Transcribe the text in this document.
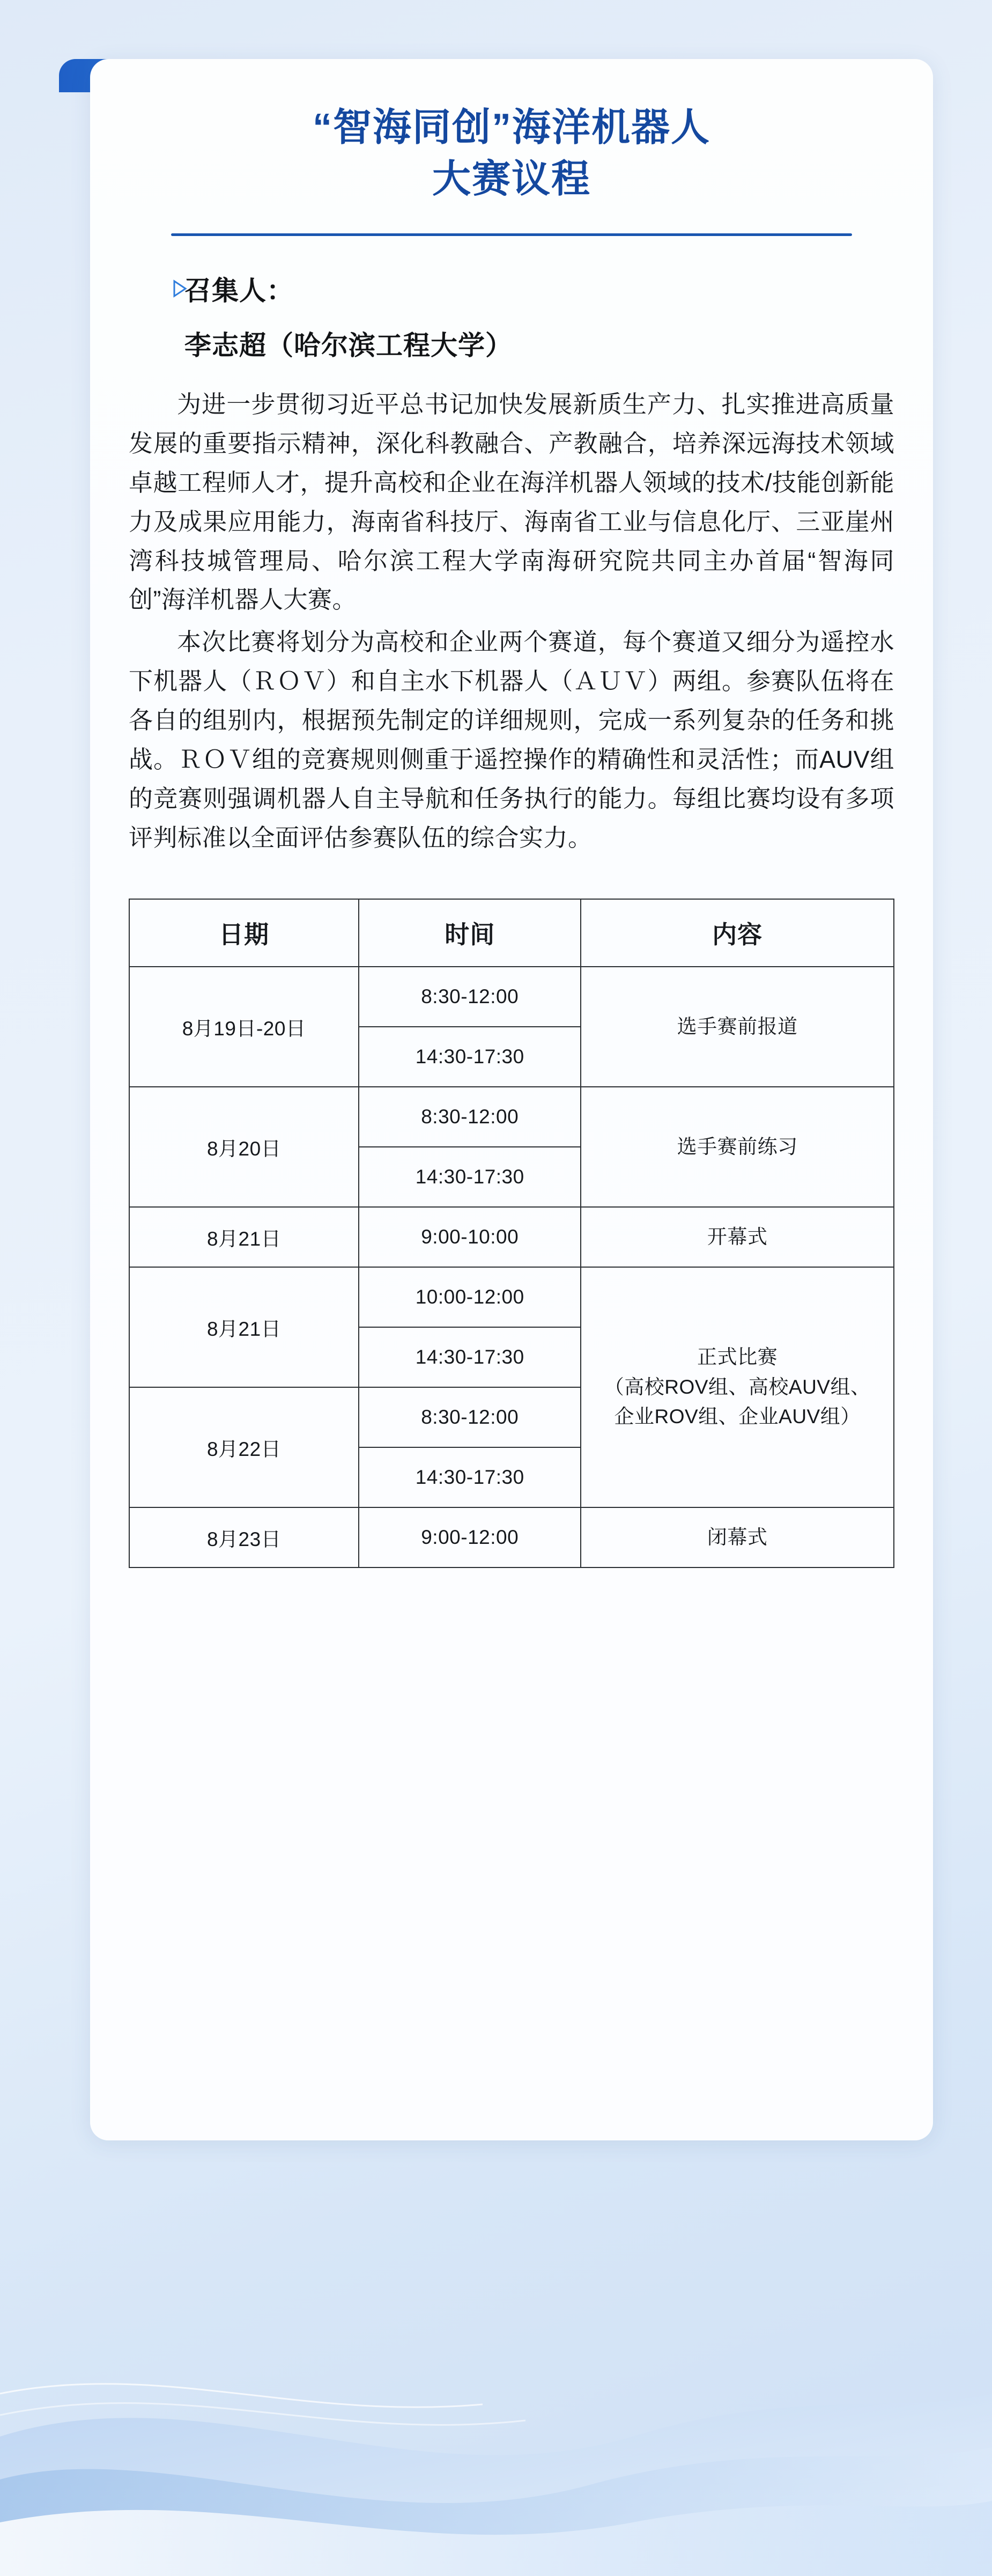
“智海同创”海洋机器人
大赛议程
召集人：
李志超（哈尔滨工程大学）

为进一步贯彻习近平总书记加快发展新质生产力、扎实推进高质量发展的重要指示精神，深化科教融合、产教融合，培养深远海技术领域卓越工程师人才，提升高校和企业在海洋机器人领域的技术/技能创新能力及成果应用能力，海南省科技厅、海南省工业与信息化厅、三亚崖州湾科技城管理局、哈尔滨工程大学南海研究院共同主办首届“智海同创”海洋机器人大赛。

本次比赛将划分为高校和企业两个赛道，每个赛道又细分为遥控水下机器人（ＲＯＶ）和自主水下机器人（ＡＵＶ）两组。参赛队伍将在各自的组别内，根据预先制定的详细规则，完成一系列复杂的任务和挑战。ＲＯＶ组的竞赛规则侧重于遥控操作的精确性和灵活性；而AUV组的竞赛则强调机器人自主导航和任务执行的能力。每组比赛均设有多项评判标准以全面评估参赛队伍的综合实力。

日期	时间	内容
8月19日-20日	8:30-12:00	选手赛前报道
	14:30-17:30	
8月20日	8:30-12:00	选手赛前练习
	14:30-17:30	
8月21日	9:00-10:00	开幕式
8月21日	10:00-12:00	正式比赛
（高校ROV组、高校AUV组、
企业ROV组、企业AUV组）

	14:30-17:30	
8月22日	8:30-12:00	
	14:30-17:30	
8月23日	9:00-12:00	闭幕式
